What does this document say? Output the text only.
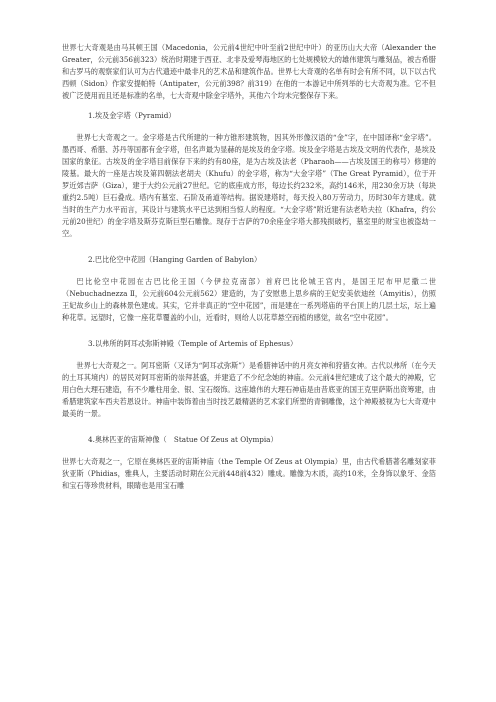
世界七大奇观是由马其顿王国（Macedonia，公元前4世纪中叶至前2世纪中叶）的亚历山大大帝（Alexander the Greater，公元前356前323）统治时期建于西亚、北非及爱琴海地区的七处规模较大的雄伟建筑与雕刻品，被古希腊和古罗马的观察家们认可为古代遗迹中最非凡的艺术品和建筑作品。世界七大奇观的名单有时会有所不同，以下以古代西顿（Sidon）作家安提帕特（Antipater，公元前398？前319）在他的一本游记中所列举的七大奇观为准。它不但被广泛使用而且还是标准的名单，七大奇观中除金字塔外，其他六个均未完整保存下来。

1.埃及金字塔（Pyramid）

世界七大奇观之一。金字塔是古代所建的一种方锥形建筑物，因其外形像汉语的“金”字，在中国译称“金字塔”。墨西哥、希腊、苏丹等国都有金字塔，但名声最为显赫的是埃及的金字塔。埃及金字塔是古埃及文明的代表作，是埃及国家的象征。古埃及的金字塔目前保存下来的约有80座，是为古埃及法老（Pharaoh——古埃及国王的称号）修建的陵墓。最大的一座是古埃及第四朝法老胡夫（Khufu）的金字塔，称为“大金字塔”（The Great Pyramid），位于开罗近郊吉萨（Giza），建于大约公元前27世纪。它的底座成方形，每边长约232米，高约146米，用230余万块（每块重约2.5吨）巨石叠成。塔内有墓室、石阶及甬道等结构。据说建塔时，每天投入80万劳动力，历时30年方建成。就当时的生产力水平而言，其设计与建筑水平已达到相当惊人的程度。“大金字塔”附近建有法老哈夫拉（Khafra，约公元前20世纪）的金字塔及斯芬克斯巨型石雕像。现存于吉萨的70余座金字塔大都残损破朽，墓室里的财宝也被盗劫一空。

2.巴比伦空中花园（Hanging Garden of Babylon）

巴比伦空中花园在古巴比伦王国（今伊拉克南部）首府巴比伦城王宫内，是国王尼布甲尼撒二世（Nebuchadnezza Ⅱ，公元前604公元前562）建造的，为了安慰患上思乡病的王妃安美依迪丝（Amyitis），仿照王妃故乡山上的森林景色建成。其实，它并非真正的“空中花园”，而是建在一系列塔庙的平台顶上的几层土坛，坛上遍种花草。远望时，它像一座花草覆盖的小山，近看时，则给人以花草悬空而植的感觉，故名“空中花园”。

3.以弗所的阿耳忒弥斯神殿（Temple of Artemis of Ephesus）

世界七大奇观之一。阿耳密斯（又译为“阿耳忒弥斯”）是希腊神话中的月亮女神和狩猎女神。古代以弗所（在今天的土耳其境内）的居民对阿耳密斯的崇拜甚盛，并建造了不少纪念她的神庙。公元前4世纪建成了这个最大的神殿，它用白色大理石建造，有不少雕柱用金、银、宝石缀饰。这座雄伟的大理石神庙是由昔底亚的国王克里萨斯出资筹建，由希腊建筑家车西夫若恩设计。神庙中装饰着由当时技艺最精湛的艺术家们所塑的青铜雕像，这个神殿被视为七大奇观中最美的一景。

4.奥林匹亚的宙斯神像（　Statue Of Zeus at Olympia）

世界七大奇观之一，它原在奥林匹亚的宙斯神庙（the Temple Of Zeus at Olympia）里，由古代希腊著名雕刻家菲狄亚斯（Phidias，雅典人，主要活动时期在公元前448前432）雕成。雕像为木质，高约10米，全身饰以象牙、金箔和宝石等珍贵材料，眼睛也是用宝石雕
